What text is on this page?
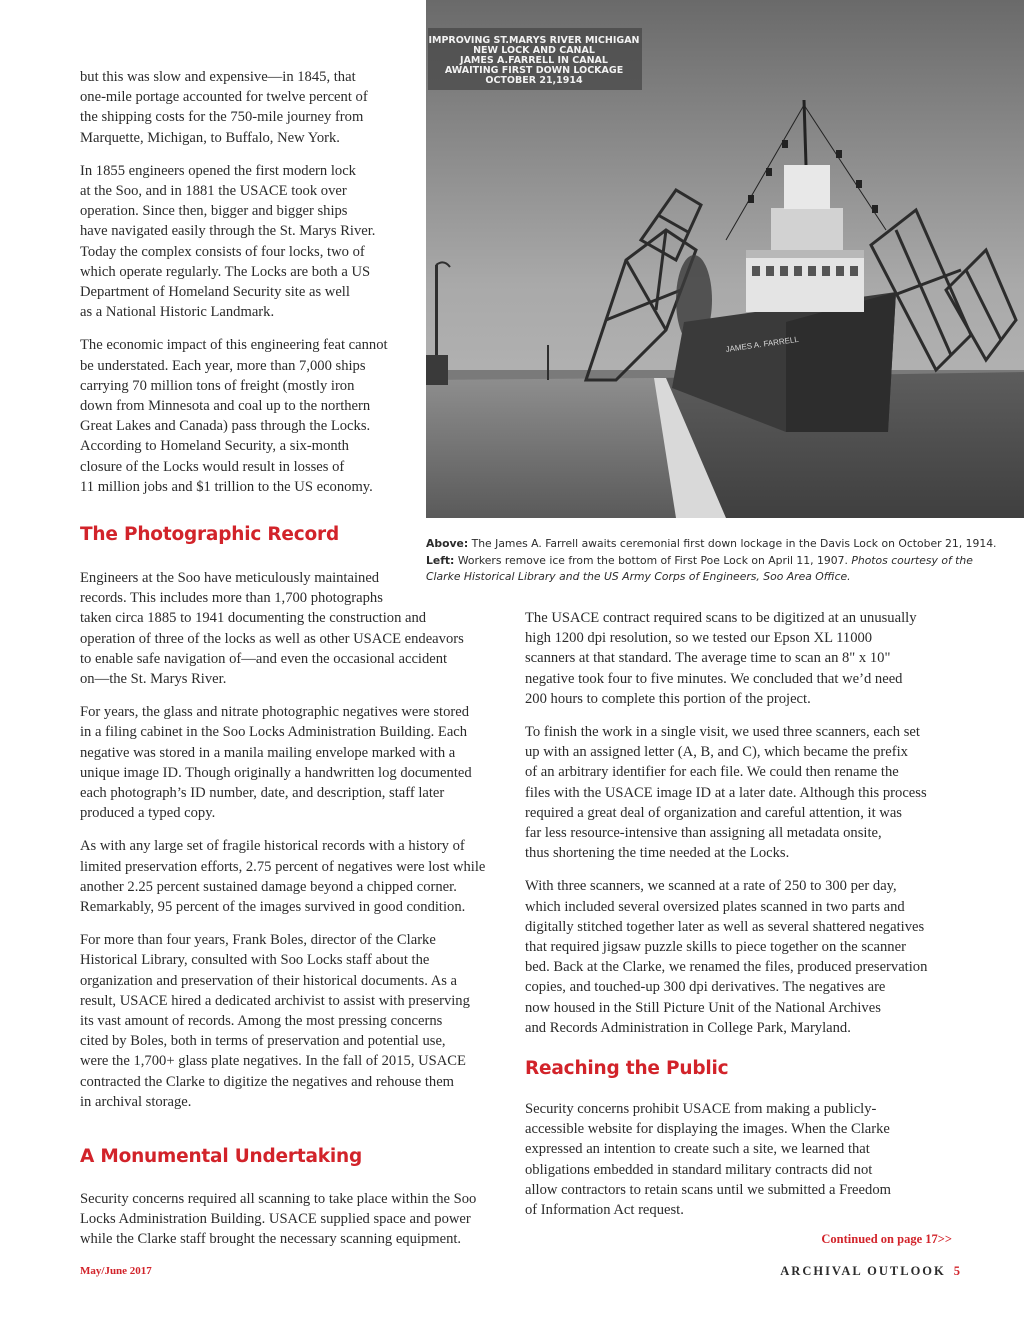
but this was slow and expensive—in 1845, that
one-mile portage accounted for twelve percent of
the shipping costs for the 750-mile journey from
Marquette, Michigan, to Buffalo, New York.

In 1855 engineers opened the first modern lock
at the Soo, and in 1881 the USACE took over
operation. Since then, bigger and bigger ships
have navigated easily through the St. Marys River.
Today the complex consists of four locks, two of
which operate regularly. The Locks are both a US
Department of Homeland Security site as well
as a National Historic Landmark.

The economic impact of this engineering feat cannot
be understated. Each year, more than 7,000 ships
carrying 70 million tons of freight (mostly iron
down from Minnesota and coal up to the northern
Great Lakes and Canada) pass through the Locks.
According to Homeland Security, a six-month
closure of the Locks would result in losses of
11 million jobs and $1 trillion to the US economy.

The Photographic Record

Engineers at the Soo have meticulously maintained
records. This includes more than 1,700 photographs
taken circa 1885 to 1941 documenting the construction and
operation of three of the locks as well as other USACE endeavors
to enable safe navigation of—and even the occasional accident
on—the St. Marys River.

For years, the glass and nitrate photographic negatives were stored
in a filing cabinet in the Soo Locks Administration Building. Each
negative was stored in a manila mailing envelope marked with a
unique image ID. Though originally a handwritten log documented
each photograph’s ID number, date, and description, staff later
produced a typed copy.

As with any large set of fragile historical records with a history of
limited preservation efforts, 2.75 percent of negatives were lost while
another 2.25 percent sustained damage beyond a chipped corner.
Remarkably, 95 percent of the images survived in good condition.

For more than four years, Frank Boles, director of the Clarke
Historical Library, consulted with Soo Locks staff about the
organization and preservation of their historical documents. As a
result, USACE hired a dedicated archivist to assist with preserving
its vast amount of records. Among the most pressing concerns
cited by Boles, both in terms of preservation and potential use,
were the 1,700+ glass plate negatives. In the fall of 2015, USACE
contracted the Clarke to digitize the negatives and rehouse them
in archival storage.

A Monumental Undertaking

Security concerns required all scanning to take place within the Soo
Locks Administration Building. USACE supplied space and power
while the Clarke staff brought the necessary scanning equipment.

JAMES A. FARRELL
IMPROVING ST.MARYS RIVER MICHIGAN
NEW LOCK AND CANAL
JAMES A.FARRELL IN CANAL
AWAITING FIRST DOWN LOCKAGE
OCTOBER 21,1914
Above: The James A. Farrell awaits ceremonial first down lockage in the Davis Lock on October 21, 1914.
Left: Workers remove ice from the bottom of First Poe Lock on April 11, 1907. Photos courtesy of the
Clarke Historical Library and the US Army Corps of Engineers, Soo Area Office.

The USACE contract required scans to be digitized at an unusually
high 1200 dpi resolution, so we tested our Epson XL 11000
scanners at that standard. The average time to scan an 8" x 10"
negative took four to five minutes. We concluded that we’d need
200 hours to complete this portion of the project.

To finish the work in a single visit, we used three scanners, each set
up with an assigned letter (A, B, and C), which became the prefix
of an arbitrary identifier for each file. We could then rename the
files with the USACE image ID at a later date. Although this process
required a great deal of organization and careful attention, it was
far less resource-intensive than assigning all metadata onsite,
thus shortening the time needed at the Locks.

With three scanners, we scanned at a rate of 250 to 300 per day,
which included several oversized plates scanned in two parts and
digitally stitched together later as well as several shattered negatives
that required jigsaw puzzle skills to piece together on the scanner
bed. Back at the Clarke, we renamed the files, produced preservation
copies, and touched-up 300 dpi derivatives. The negatives are
now housed in the Still Picture Unit of the National Archives
and Records Administration in College Park, Maryland.

Reaching the Public

Security concerns prohibit USACE from making a publicly-
accessible website for displaying the images. When the Clarke
expressed an intention to create such a site, we learned that
obligations embedded in standard military contracts did not
allow contractors to retain scans until we submitted a Freedom
of Information Act request.

Continued on page 17>>
May/June 2017	ARCHIVAL OUTLOOK 5
